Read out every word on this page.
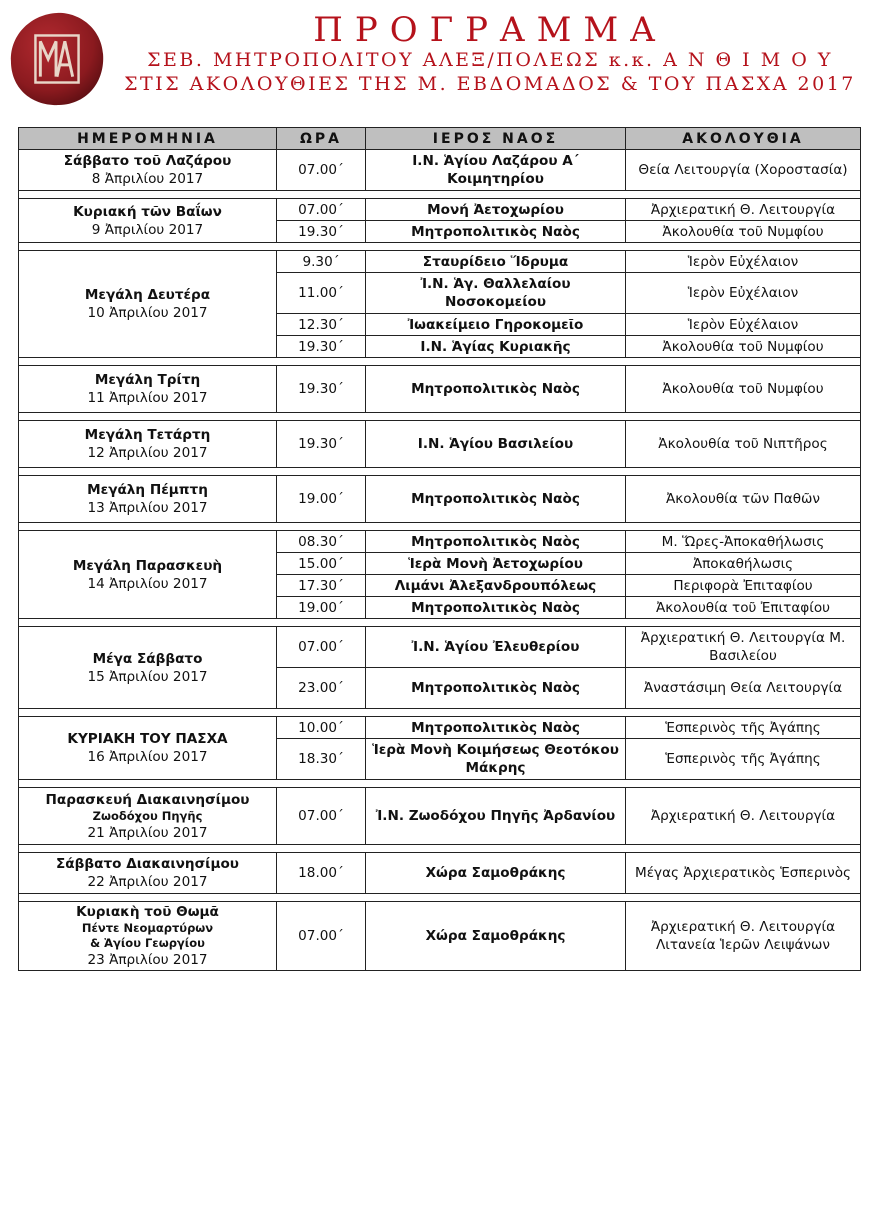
ΠΡΟΓΡΑΜΜΑ
ΣΕΒ. ΜΗΤΡΟΠΟΛΙΤΟΥ ΑΛΕΞ/ΠΟΛΕΩΣ κ.κ. Α Ν Θ Ι Μ Ο Υ
ΣΤΙΣ ΑΚΟΛΟΥΘΙΕΣ ΤΗΣ Μ. ΕΒΔΟΜΑΔΟΣ & ΤΟΥ ΠΑΣΧΑ 2017
ΗΜΕΡΟΜΗΝΙΑ	ΩΡΑ	ΙΕΡΟΣ ΝΑΟΣ	ΑΚΟΛΟΥΘΙΑ

Σάββατο τοῦ Λαζάρου
8 Ἀπριλίου 2017	07.00΄	Ι.Ν. Ἁγίου Λαζάρου Α΄ Κοιμητηρίου	Θεία Λειτουργία (Χοροστασία)

Κυριακή τῶν Βαΐων
9 Ἀπριλίου 2017	07.00΄	Μονή Ἀετοχωρίου	Ἀρχιερατική Θ. Λειτουργία
	19.30΄	Μητροπολιτικὸς Ναὸς	Ἀκολουθία τοῦ Νυμφίου

Μεγάλη Δευτέρα
10 Ἀπριλίου 2017	9.30΄	Σταυρίδειο Ἵδρυμα	Ἱερὸν Εὐχέλαιον
	11.00΄	Ἰ.Ν. Ἁγ. Θαλλελαίου Νοσοκομείου	Ἱερὸν Εὐχέλαιον
	12.30΄	Ἰωακείμειο Γηροκομεῖο	Ἱερὸν Εὐχέλαιον
	19.30΄	Ι.Ν. Ἁγίας Κυριακῆς	Ἀκολουθία τοῦ Νυμφίου

Μεγάλη Τρίτη
11 Ἀπριλίου 2017	19.30΄	Μητροπολιτικὸς Ναὸς	Ἀκολουθία τοῦ Νυμφίου

Μεγάλη Τετάρτη
12 Ἀπριλίου 2017	19.30΄	Ι.Ν. Ἁγίου Βασιλείου	Ἀκολουθία τοῦ Νιπτῆρος

Μεγάλη Πέμπτη
13 Ἀπριλίου 2017	19.00΄	Μητροπολιτικὸς Ναὸς	Ἀκολουθία τῶν Παθῶν

Μεγάλη Παρασκευὴ
14 Ἀπριλίου 2017	08.30΄	Μητροπολιτικὸς Ναὸς	Μ. Ὥρες-Ἀποκαθήλωσις
	15.00΄	Ἱερὰ Μονὴ Ἀετοχωρίου	Ἀποκαθήλωσις
	17.30΄	Λιμάνι Ἀλεξανδρουπόλεως	Περιφορὰ Ἐπιταφίου
	19.00΄	Μητροπολιτικὸς Ναὸς	Ἀκολουθία τοῦ Ἐπιταφίου

Μέγα Σάββατο
15 Ἀπριλίου 2017	07.00΄	Ἰ.Ν. Ἁγίου Ἐλευθερίου	Ἀρχιερατική Θ. Λειτουργία Μ. Βασιλείου
	23.00΄	Μητροπολιτικὸς Ναὸς	Ἀναστάσιμη Θεία Λειτουργία

ΚΥΡΙΑΚΗ ΤΟΥ ΠΑΣΧΑ
16 Ἀπριλίου 2017	10.00΄	Μητροπολιτικὸς Ναὸς	Ἑσπερινὸς τῆς Ἀγάπης
	18.30΄	Ἱερὰ Μονὴ Κοιμήσεως Θεοτόκου Μάκρης	Ἑσπερινὸς τῆς Ἀγάπης

Παρασκευή Διακαινησίμου
Ζωοδόχου Πηγῆς
21 Ἀπριλίου 2017	07.00΄	Ἰ.Ν. Ζωοδόχου Πηγῆς Ἀρδανίου	Ἀρχιερατική Θ. Λειτουργία

Σάββατο Διακαινησίμου
22 Ἀπριλίου 2017	18.00΄	Χώρα Σαμοθράκης	Μέγας Ἀρχιερατικὸς Ἑσπερινὸς

Κυριακὴ τοῦ Θωμᾶ
Πέντε Νεομαρτύρων
& Ἁγίου Γεωργίου
23 Ἀπριλίου 2017	07.00΄	Χώρα Σαμοθράκης	Ἀρχιερατική Θ. Λειτουργία Λιτανεία Ἱερῶν Λειψάνων
